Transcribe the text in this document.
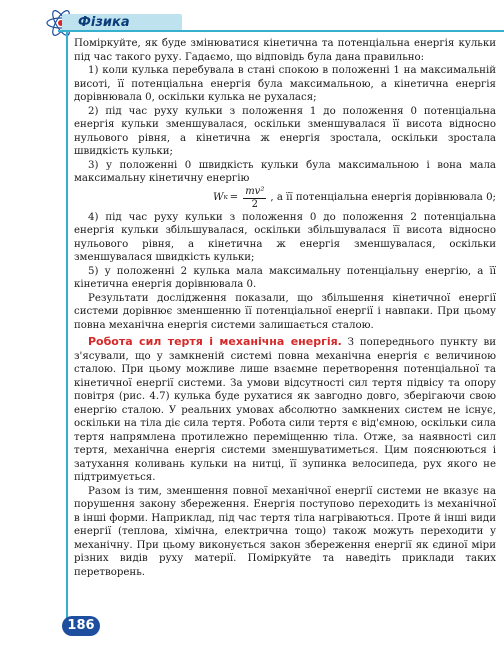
Фізика

Поміркуйте, як буде змінюватися кінетична та потенціальна енергія кульки під час такого руху. Гадаємо, що відповідь була дана правильно:

1) коли кулька перебувала в стані спокою в положенні 1 на максимальній висоті, її потенціальна енергія була максимальною, а кінетична енергія дорівнювала 0, оскільки кулька не рухалася;

2) під час руху кульки з положення 1 до положення 0 потенціальна енергія кульки зменшувалася, оскільки зменшувалася її висота відносно нульового рівня, а кінетична ж енергія зростала, оскільки зростала швидкість кульки;

3) у положенні 0 швидкість кульки була максимальною і вона мала максимальну кінетичну енергію

W $к = \frac{\text{mv²}}{2}$ , а її потенціальна енергія дорівнювала 0;

4) під час руху кульки з положення 0 до положення 2 потенціальна енергія кульки збільшувалася, оскільки збільшувалася її висота відносно нульового рівня, а кінетична ж енергія зменшувалася, оскільки зменшувалася швидкість кульки;

5) у положенні 2 кулька мала максимальну потенціальну енергію, а її кінетична енергія дорівнювала 0.

Результати дослідження показали, що збільшення кінетичної енергії системи дорівнює зменшенню її потенціальної енергії і навпаки. При цьому повна механічна енергія системи залишається сталою.

Робота сил тертя і механічна енергія. З попереднього пункту ви з'ясували, що у замкненій системі повна механічна енергія є величиною сталою. При цьому можливе лише взаємне перетворення потенціальної та кінетичної енергії системи. За умови відсутності сил тертя підвісу та опору повітря (рис. 4.7) кулька буде рухатися як завгодно довго, зберігаючи свою енергію сталою. У реальних умовах абсолютно замкнених систем не існує, оскільки на тіла діє сила тертя. Робота сили тертя є від'ємною, оскільки сила тертя напрямлена протилежно переміщенню тіла. Отже, за наявності сил тертя, механічна енергія системи зменшуватиметься. Цим пояснюються і затухання коливань кульки на нитці, її зупинка велосипеда, рух якого не підтримується.

Разом із тим, зменшення повної механічної енергії системи не вказує на порушення закону збереження. Енергія поступово переходить із механічної в інші форми. Наприклад, під час тертя тіла нагріваються. Проте й інші види енергії (теплова, хімічна, електрична тощо) також можуть переходити у механічну. При цьому виконується закон збереження енергії як єдиної міри різних видів руху матерії. Поміркуйте та наведіть приклади таких перетворень.

186
